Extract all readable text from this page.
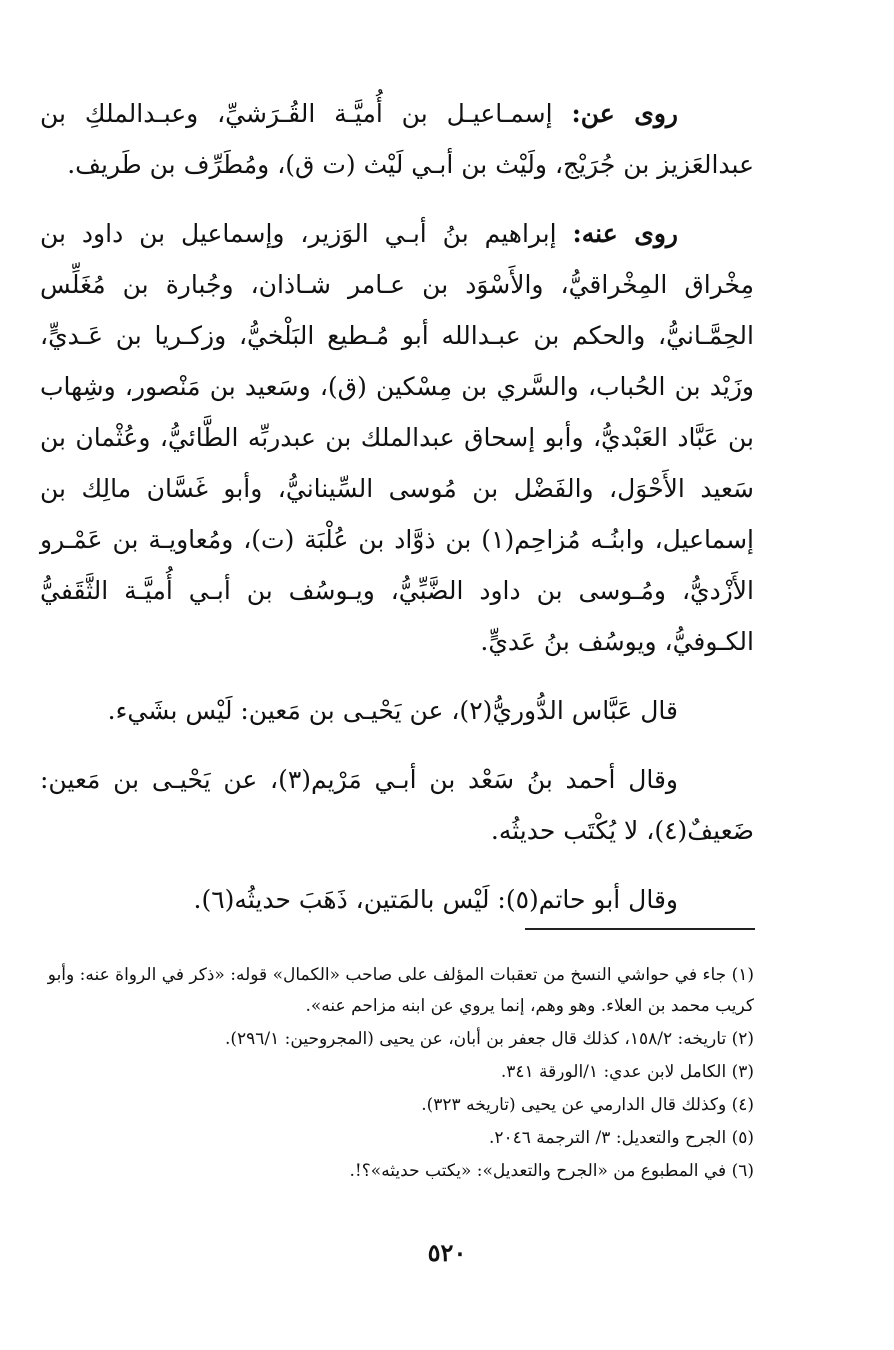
روى عن: إسمـاعيـل بن أُميَّـة القُـرَشيِّ، وعبـدالملكِ بن عبدالعَزيز بن جُرَيْج، ولَيْث بن أبـي لَيْث (ت ق)، ومُطَرِّف بن طَريف.

روى عنه: إبراهيم بنُ أبـي الوَزير، وإسماعيل بن داود بن مِخْراق المِخْراقيُّ، والأَسْوَد بن عـامر شـاذان، وجُبارة بن مُغَلِّس الحِمَّـانيُّ، والحكم بن عبـدالله أبو مُـطيع البَلْخيُّ، وزكـريا بن عَـديٍّ، وزَيْد بن الحُباب، والسَّري بن مِسْكين (ق)، وسَعيد بن مَنْصور، وشِهاب بن عَبَّاد العَبْديُّ، وأبو إسحاق عبدالملك بن عبدربِّه الطَّائيُّ، وعُثْمان بن سَعيد الأَحْوَل، والفَضْل بن مُوسى السِّينانيُّ، وأبو غَسَّان مالِك بن إسماعيل، وابنُـه مُزاحِم(١) بن ذوَّاد بن عُلْبَة (ت)، ومُعاويـة بن عَمْـرو الأَزْديُّ، ومُـوسى بن داود الضَّبِّيُّ، ويـوسُف بن أبـي أُميَّـة الثَّقَفيُّ الكـوفيُّ، ويوسُف بنُ عَديٍّ.

قال عَبَّاس الدُّوريُّ(٢)، عن يَحْيـى بن مَعين: لَيْس بشَيء.

وقال أحمد بنُ سَعْد بن أبـي مَرْيم(٣)، عن يَحْيـى بن مَعين: ضَعيفٌ(٤)، لا يُكْتَب حديثُه.

وقال أبو حاتم(٥): لَيْس بالمَتين، ذَهَبَ حديثُه(٦).

(١) جاء في حواشي النسخ من تعقبات المؤلف على صاحب «الكمال» قوله: «ذكر في الرواة عنه: وأبو كريب محمد بن العلاء. وهو وهم، إنما يروي عن ابنه مزاحم عنه».

(٢) تاريخه: ١٥٨/٢، كذلك قال جعفر بن أبان، عن يحيى (المجروحين: ٢٩٦/١).

(٣) الكامل لابن عدي: ١/الورقة ٣٤١.

(٤) وكذلك قال الدارمي عن يحيى (تاريخه ٣٢٣).

(٥) الجرح والتعديل: ٣/ الترجمة ٢٠٤٦.

(٦) في المطبوع من «الجرح والتعديل»: «يكتب حديثه»؟!.

٥٢٠
